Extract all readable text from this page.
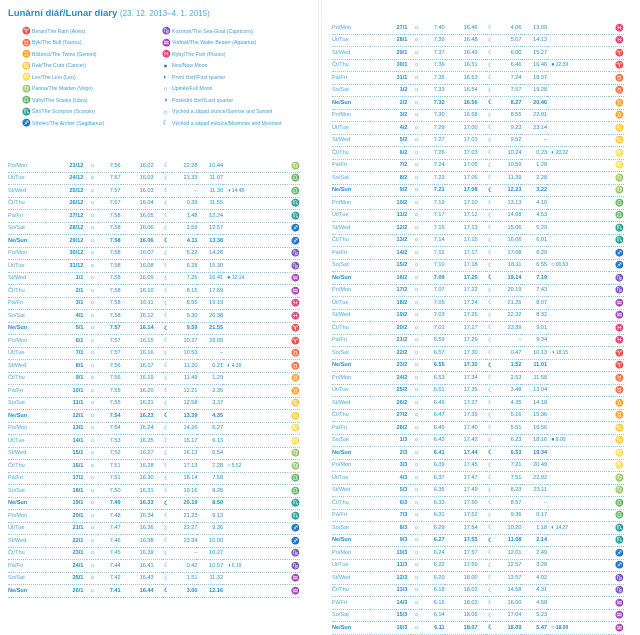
Lunární diář/Lunar diary (23. 12. 2013–4. 1. 2015)
♈ Beran/The Ram (Aries)
♉ Býk/The Bull (Taurus)
♊ Blíženci/The Twins (Gemini)
♋ Rak/The Crab (Cancer)
♌ Lev/The Lion (Leo)
♍ Panna/The Maiden (Virgo)
♎ Váhy/The Scales (Libra)
♏ Štír/The Scorpion (Scorpio)
♐ Střelec/The Archer (Sagittarius)
♑ Kozoroh/The Sea-Goat (Capricorn)
♒ Vodnář/The Water Bearer (Aquarius)
♓ Ryby/The Fish (Pisces)
● Nov/New Moon
◐ První čtvrť/First quarter
○ Úplněk/Full Moon
◑ Poslední čtvrť/Last quarter
☼ Východ a západ slunce/Sunrise and Sunset
☾ Východ a západ měsíce/Moonrise and Moonset
Po/Mon	23/12	☼	7.56	16.02	☾	22.28	10.44		♍
Út/Tue	24/12	☼	7.57	16.03	☾	23.33	11.07		♎
St/Wed	25/12	☼	7.57	16.03	☾	–	11.30	◑14.48	♎
Čt/Thu	26/12	☼	7.57	16.04	☾	0.39	11.55		♏
Pá/Fri	27/12	☼	7.58	16.05	☾	1.48	12.24		♏
So/Sat	28/12	☼	7.58	16.06	☾	2.59	12.57		♐
Ne/Sun	29/12	☼	7.58	16.06	☾	4.11	13.38		♐
Po/Mon	30/12	☼	7.58	16.07	☾	5.22	14.28		♑
Út/Tue	31/12	☼	7.58	16.08	☾	6.28	15.30		♑
St/Wed	1/1	☼	7.58	16.09	☾	7.26	16.41	●12.14	♒
Čt/Thu	2/1	☼	7.58	16.10	☾	8.15	17.59		♒
Pá/Fri	3/1	☼	7.58	16.11	☾	8.55	19.19		♓
So/Sat	4/1	☼	7.58	16.12	☾	9.30	20.38		♓
Ne/Sun	5/1	☼	7.57	16.14	☾	9.59	21.55		♈
Po/Mon	6/1	☼	7.57	16.15	☾	10.27	23.09		♈
Út/Tue	7/1	☼	7.57	16.16	☾	10.53	–		♉
St/Wed	8/1	☼	7.56	16.17	☾	11.20	0.21	◐4.39	♉
Čt/Thu	9/1	☼	7.56	16.19	☾	11.49	1.29		♊
Pá/Fri	10/1	☼	7.55	16.20	☾	12.21	2.35		♊
So/Sat	11/1	☼	7.55	16.21	☾	12.58	3.37		♋
Ne/Sun	12/1	☼	7.54	16.23	☾	13.39	4.35		♋
Po/Mon	13/1	☼	7.54	16.24	☾	14.26	5.27		♌
Út/Tue	14/1	☼	7.53	16.25	☾	15.17	6.13		♌
St/Wed	15/1	☼	7.52	16.27	☾	16.13	6.54		♍
Čt/Thu	16/1	☼	7.51	16.28	☾	17.13	7.28	○5.52	♍
Pá/Fri	17/1	☼	7.51	16.30	☾	18.14	7.58		♎
So/Sat	18/1	☼	7.50	16.31	☾	19.16	8.25		♎
Ne/Sun	19/1	☼	7.49	16.33	☾	20.19	8.50		♏
Po/Mon	20/1	☼	7.48	16.34	☾	21.23	9.13		♏
Út/Tue	21/1	☼	7.47	16.36	☾	22.27	9.36		♐
St/Wed	22/1	☼	7.46	16.38	☾	23.34	10.00		♐
Čt/Thu	23/1	☼	7.45	16.39	☾	–	10.27		♑
Pá/Fri	24/1	☼	7.44	16.41	☾	0.42	10.57	◑6.19	♑
So/Sat	25/1	☼	7.42	16.43	☾	1.51	11.32		♒
Ne/Sun	26/1	☼	7.41	16.44	☾	3.00	12.16		♒
Po/Mon	27/1	☼	7.40	16.46	☾	4.06	13.09		♓
Út/Tue	28/1	☼	7.39	16.48	☾	5.07	14.13		♓
St/Wed	29/1	☼	7.37	16.49	☾	6.00	15.27		♈
Čt/Thu	30/1	☼	7.36	16.51	☾	6.46	16.46	●22.39	♈
Pá/Fri	31/1	☼	7.35	16.53	☾	7.24	18.07		♉
So/Sat	1/2	☼	7.33	16.54	☾	7.57	19.28		♉
Ne/Sun	2/2	☼	7.32	16.56	☾	8.27	20.46		♊
Po/Mon	3/2	☼	7.30	16.58	☾	8.55	22.01		♊
Út/Tue	4/2	☼	7.29	17.00	☾	9.23	23.14		♋
St/Wed	5/2	☼	7.27	17.01	☾	9.52	–		♋
Čt/Thu	6/2	☼	7.26	17.03	☾	10.24	0.23	◐20.22	♌
Pá/Fri	7/2	☼	7.24	17.05	☾	10.59	1.28		♌
So/Sat	8/2	☼	7.23	17.06	☾	11.39	2.28		♍
Ne/Sun	9/2	☼	7.21	17.08	☾	12.23	3.22		♍
Po/Mon	10/2	☼	7.19	17.10	☾	13.13	4.10		♎
Út/Tue	11/2	☼	7.17	17.12	☾	14.08	4.53		♎
St/Wed	12/2	☼	7.16	17.13	☾	15.06	5.29		♏
Čt/Thu	13/2	☼	7.14	17.15	☾	16.06	6.01		♏
Pá/Fri	14/2	☼	7.12	17.17	☾	17.08	6.29		♐
So/Sat	15/2	☼	7.10	17.18	☾	18.11	6.55	○00.53	♐
Ne/Sun	16/2	☼	7.09	17.20	☾	19.14	7.19		♑
Po/Mon	17/2	☼	7.07	17.22	☾	20.19	7.43		♑
Út/Tue	18/2	☼	7.05	17.24	☾	21.25	8.07		♒
St/Wed	19/2	☼	7.03	17.25	☾	22.32	8.32		♒
Čt/Thu	20/2	☼	7.01	17.27	☾	23.39	9.01		♓
Pá/Fri	21/2	☼	6.59	17.29	☾	–	9.34		♓
So/Sat	22/2	☼	6.57	17.30	☾	0.47	10.13	◑18.15	♈
Ne/Sun	23/2	☼	6.55	17.32	☾	1.52	11.01		♈
Po/Mon	24/2	☼	6.53	17.34	☾	2.53	11.58		♉
Út/Tue	25/2	☼	6.51	17.35	☾	3.48	13.04		♉
St/Wed	26/2	☼	6.49	17.37	☾	4.35	14.18		♊
Čt/Thu	27/2	☼	6.47	17.39	☾	5.16	15.36		♊
Pá/Fri	28/2	☼	6.45	17.40	☾	5.51	16.56		♋
So/Sat	1/3	☼	6.43	17.42	☾	6.23	18.16	●9.00	♋
Ne/Sun	2/3	☼	6.41	17.44	☾	6.53	19.34		♌
Po/Mon	3/3	☼	6.39	17.45	☾	7.21	20.49		♌
Út/Tue	4/3	☼	6.37	17.47	☾	7.51	22.02		♍
St/Wed	5/3	☼	6.35	17.49	☾	8.23	23.11		♍
Čt/Thu	6/3	☼	6.33	17.50	☾	8.57	–		♎
Pá/Fri	7/3	☼	6.31	17.52	☾	9.36	0.17		♎
So/Sat	8/3	☼	6.29	17.54	☾	10.20	1.18	◐14.27	♏
Ne/Sun	9/3	☼	6.27	17.55	☾	11.08	2.14		♏
Po/Mon	10/3	☼	6.24	17.57	☾	12.01	2.49		♐
Út/Tue	11/3	☼	6.22	17.59	☾	12.57	3.28		♐
St/Wed	12/3	☼	6.20	18.00	☾	13.57	4.02		♑
Čt/Thu	13/3	☼	6.18	18.02	☾	14.58	4.31		♑
Pá/Fri	14/3	☼	6.16	18.03	☾	16.00	4.58		♒
So/Sat	15/3	☼	6.14	18.05	☾	17.04	5.23		♒
Ne/Sun	16/3	☼	6.11	18.07	☾	18.09	5.47	○18.09	♒
